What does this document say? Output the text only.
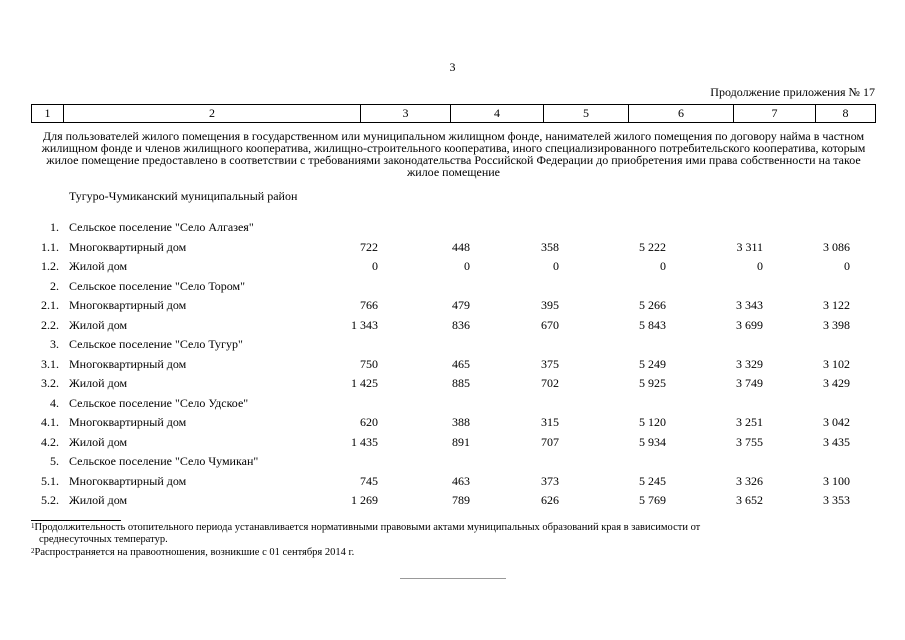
3
Продолжение приложения № 17
1	2	3	4	5	6	7	8
Для пользователей жилого помещения в государственном или муниципальном жилищном фонде, нанимателей жилого помещения по договору найма в частном жилищном фонде и членов жилищного кооператива, жилищно-строительного кооператива, иного специализированного потребительского кооператива, которым жилое помещение предоставлено в соответствии с требованиями законодательства Российской Федерации до приобретения ими права собственности на такое жилое помещение
Тугуро-Чумиканский муниципальный район
1. Сельское поселение "Село Алгазея"
1.1. Многоквартирный дом	722	448	358	5 222	3 311	3 086
1.2. Жилой дом	0	0	0	0	0	0
2. Сельское поселение "Село Тором"
2.1. Многоквартирный дом	766	479	395	5 266	3 343	3 122
2.2. Жилой дом	1 343	836	670	5 843	3 699	3 398
3. Сельское поселение "Село Тугур"
3.1. Многоквартирный дом	750	465	375	5 249	3 329	3 102
3.2. Жилой дом	1 425	885	702	5 925	3 749	3 429
4. Сельское поселение "Село Удское"
4.1. Многоквартирный дом	620	388	315	5 120	3 251	3 042
4.2. Жилой дом	1 435	891	707	5 934	3 755	3 435
5. Сельское поселение "Село Чумикан"
5.1. Многоквартирный дом	745	463	373	5 245	3 326	3 100
5.2. Жилой дом	1 269	789	626	5 769	3 652	3 353
$^1$Продолжительность отопительного периода устанавливается нормативными правовыми актами муниципальных образований края в зависимости от
среднесуточных температур.
$^2$Распространяется на правоотношения, возникшие с 01 сентября 2014 г.
